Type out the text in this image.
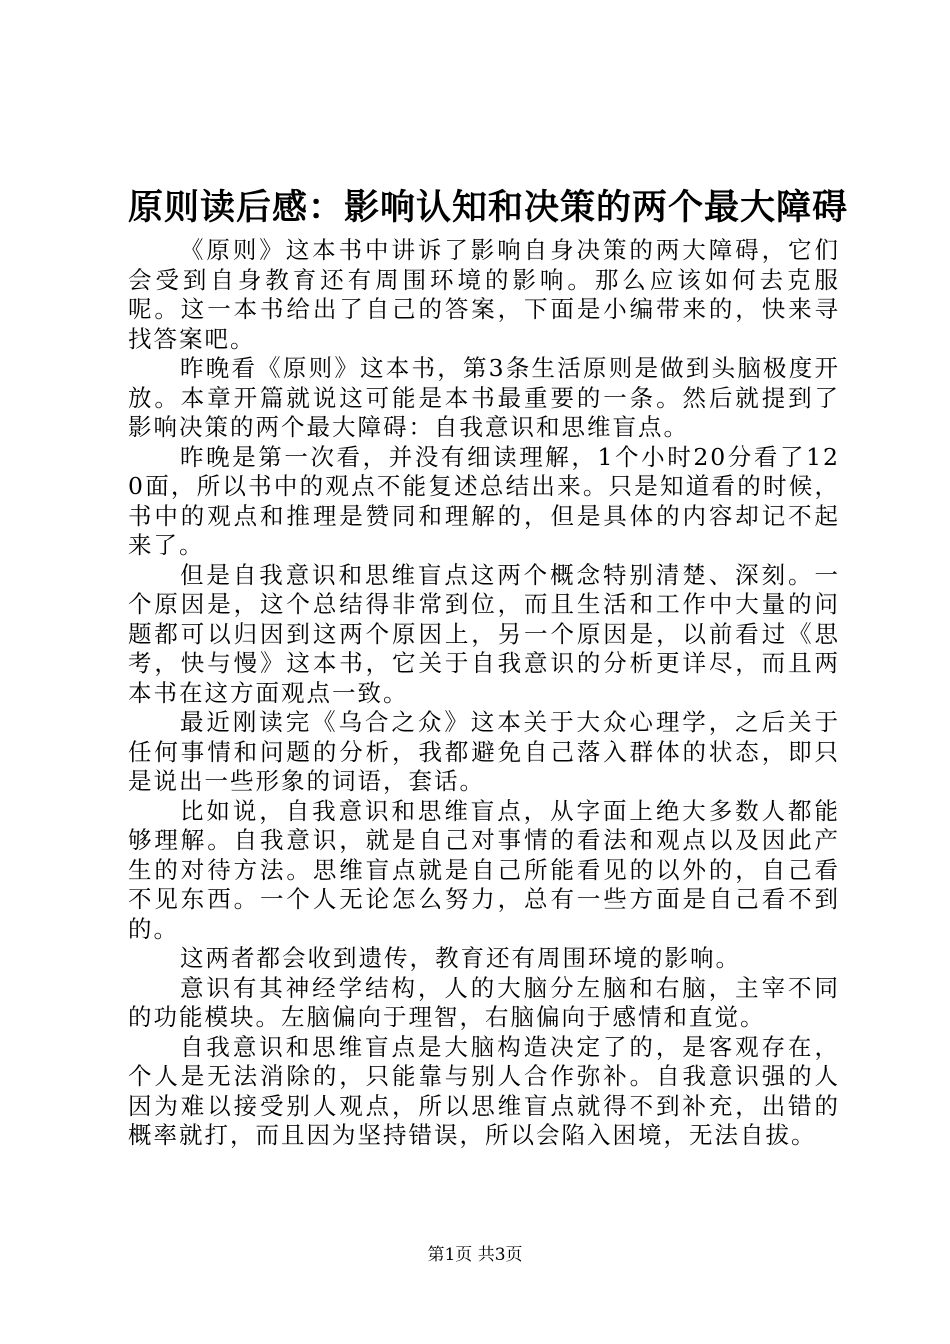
原则读后感：影响认知和决策的两个最大障碍

《原则》这本书中讲诉了影响自身决策的两大障碍，它们会受到自身教育还有周围环境的影响。那么应该如何去克服呢。这一本书给出了自己的答案，下面是小编带来的，快来寻找答案吧。

昨晚看《原则》这本书，第3条生活原则是做到头脑极度开放。本章开篇就说这可能是本书最重要的一条。然后就提到了影响决策的两个最大障碍：自我意识和思维盲点。

昨晚是第一次看，并没有细读理解，1个小时20分看了120面，所以书中的观点不能复述总结出来。只是知道看的时候，书中的观点和推理是赞同和理解的，但是具体的内容却记不起来了。

但是自我意识和思维盲点这两个概念特别清楚、深刻。一个原因是，这个总结得非常到位，而且生活和工作中大量的问题都可以归因到这两个原因上，另一个原因是，以前看过《思考，快与慢》这本书，它关于自我意识的分析更详尽，而且两本书在这方面观点一致。

最近刚读完《乌合之众》这本关于大众心理学，之后关于任何事情和问题的分析，我都避免自己落入群体的状态，即只是说出一些形象的词语，套话。

比如说，自我意识和思维盲点，从字面上绝大多数人都能够理解。自我意识，就是自己对事情的看法和观点以及因此产生的对待方法。思维盲点就是自己所能看见的以外的，自己看不见东西。一个人无论怎么努力，总有一些方面是自己看不到的。

这两者都会收到遗传，教育还有周围环境的影响。

意识有其神经学结构，人的大脑分左脑和右脑，主宰不同的功能模块。左脑偏向于理智，右脑偏向于感情和直觉。

自我意识和思维盲点是大脑构造决定了的，是客观存在，个人是无法消除的，只能靠与别人合作弥补。自我意识强的人因为难以接受别人观点，所以思维盲点就得不到补充，出错的概率就打，而且因为坚持错误，所以会陷入困境，无法自拔。

第1页 共3页
